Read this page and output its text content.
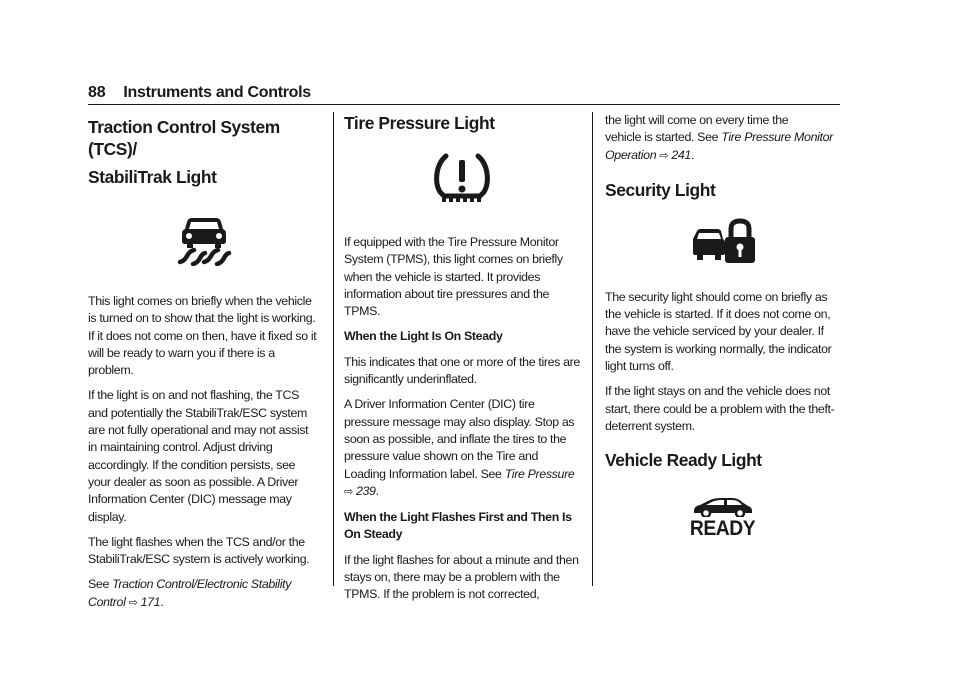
88 Instruments and Controls
Traction Control System (TCS)/
StabiliTrak Light

This light comes on briefly when the vehicle is turned on to show that the light is working. If it does not come on then, have it fixed so it will be ready to warn you if there is a problem.

If the light is on and not flashing, the TCS and potentially the StabiliTrak/ESC system are not fully operational and may not assist in maintaining control. Adjust driving accordingly. If the condition persists, see your dealer as soon as possible. A Driver Information Center (DIC) message may display.

The light flashes when the TCS and/or the StabiliTrak/ESC system is actively working.

See Traction Control/Electronic Stability
Control ⇨ 171.

Tire Pressure Light

If equipped with the Tire Pressure Monitor System (TPMS), this light comes on briefly when the vehicle is started. It provides information about tire pressures and the TPMS.

When the Light Is On Steady

This indicates that one or more of the tires are significantly underinflated.

A Driver Information Center (DIC) tire pressure message may also display. Stop as soon as possible, and inflate the tires to the pressure value shown on the Tire and Loading Information label. See Tire Pressure
⇨ 239.

When the Light Flashes First and Then Is On Steady

If the light flashes for about a minute and then stays on, there may be a problem with the TPMS. If the problem is not corrected,

the light will come on every time the
vehicle is started. See Tire Pressure Monitor
Operation ⇨ 241.

Security Light

The security light should come on briefly as the vehicle is started. If it does not come on, have the vehicle serviced by your dealer. If the system is working normally, the indicator light turns off.

If the light stays on and the vehicle does not start, there could be a problem with the theft-deterrent system.

Vehicle Ready Light
READY
